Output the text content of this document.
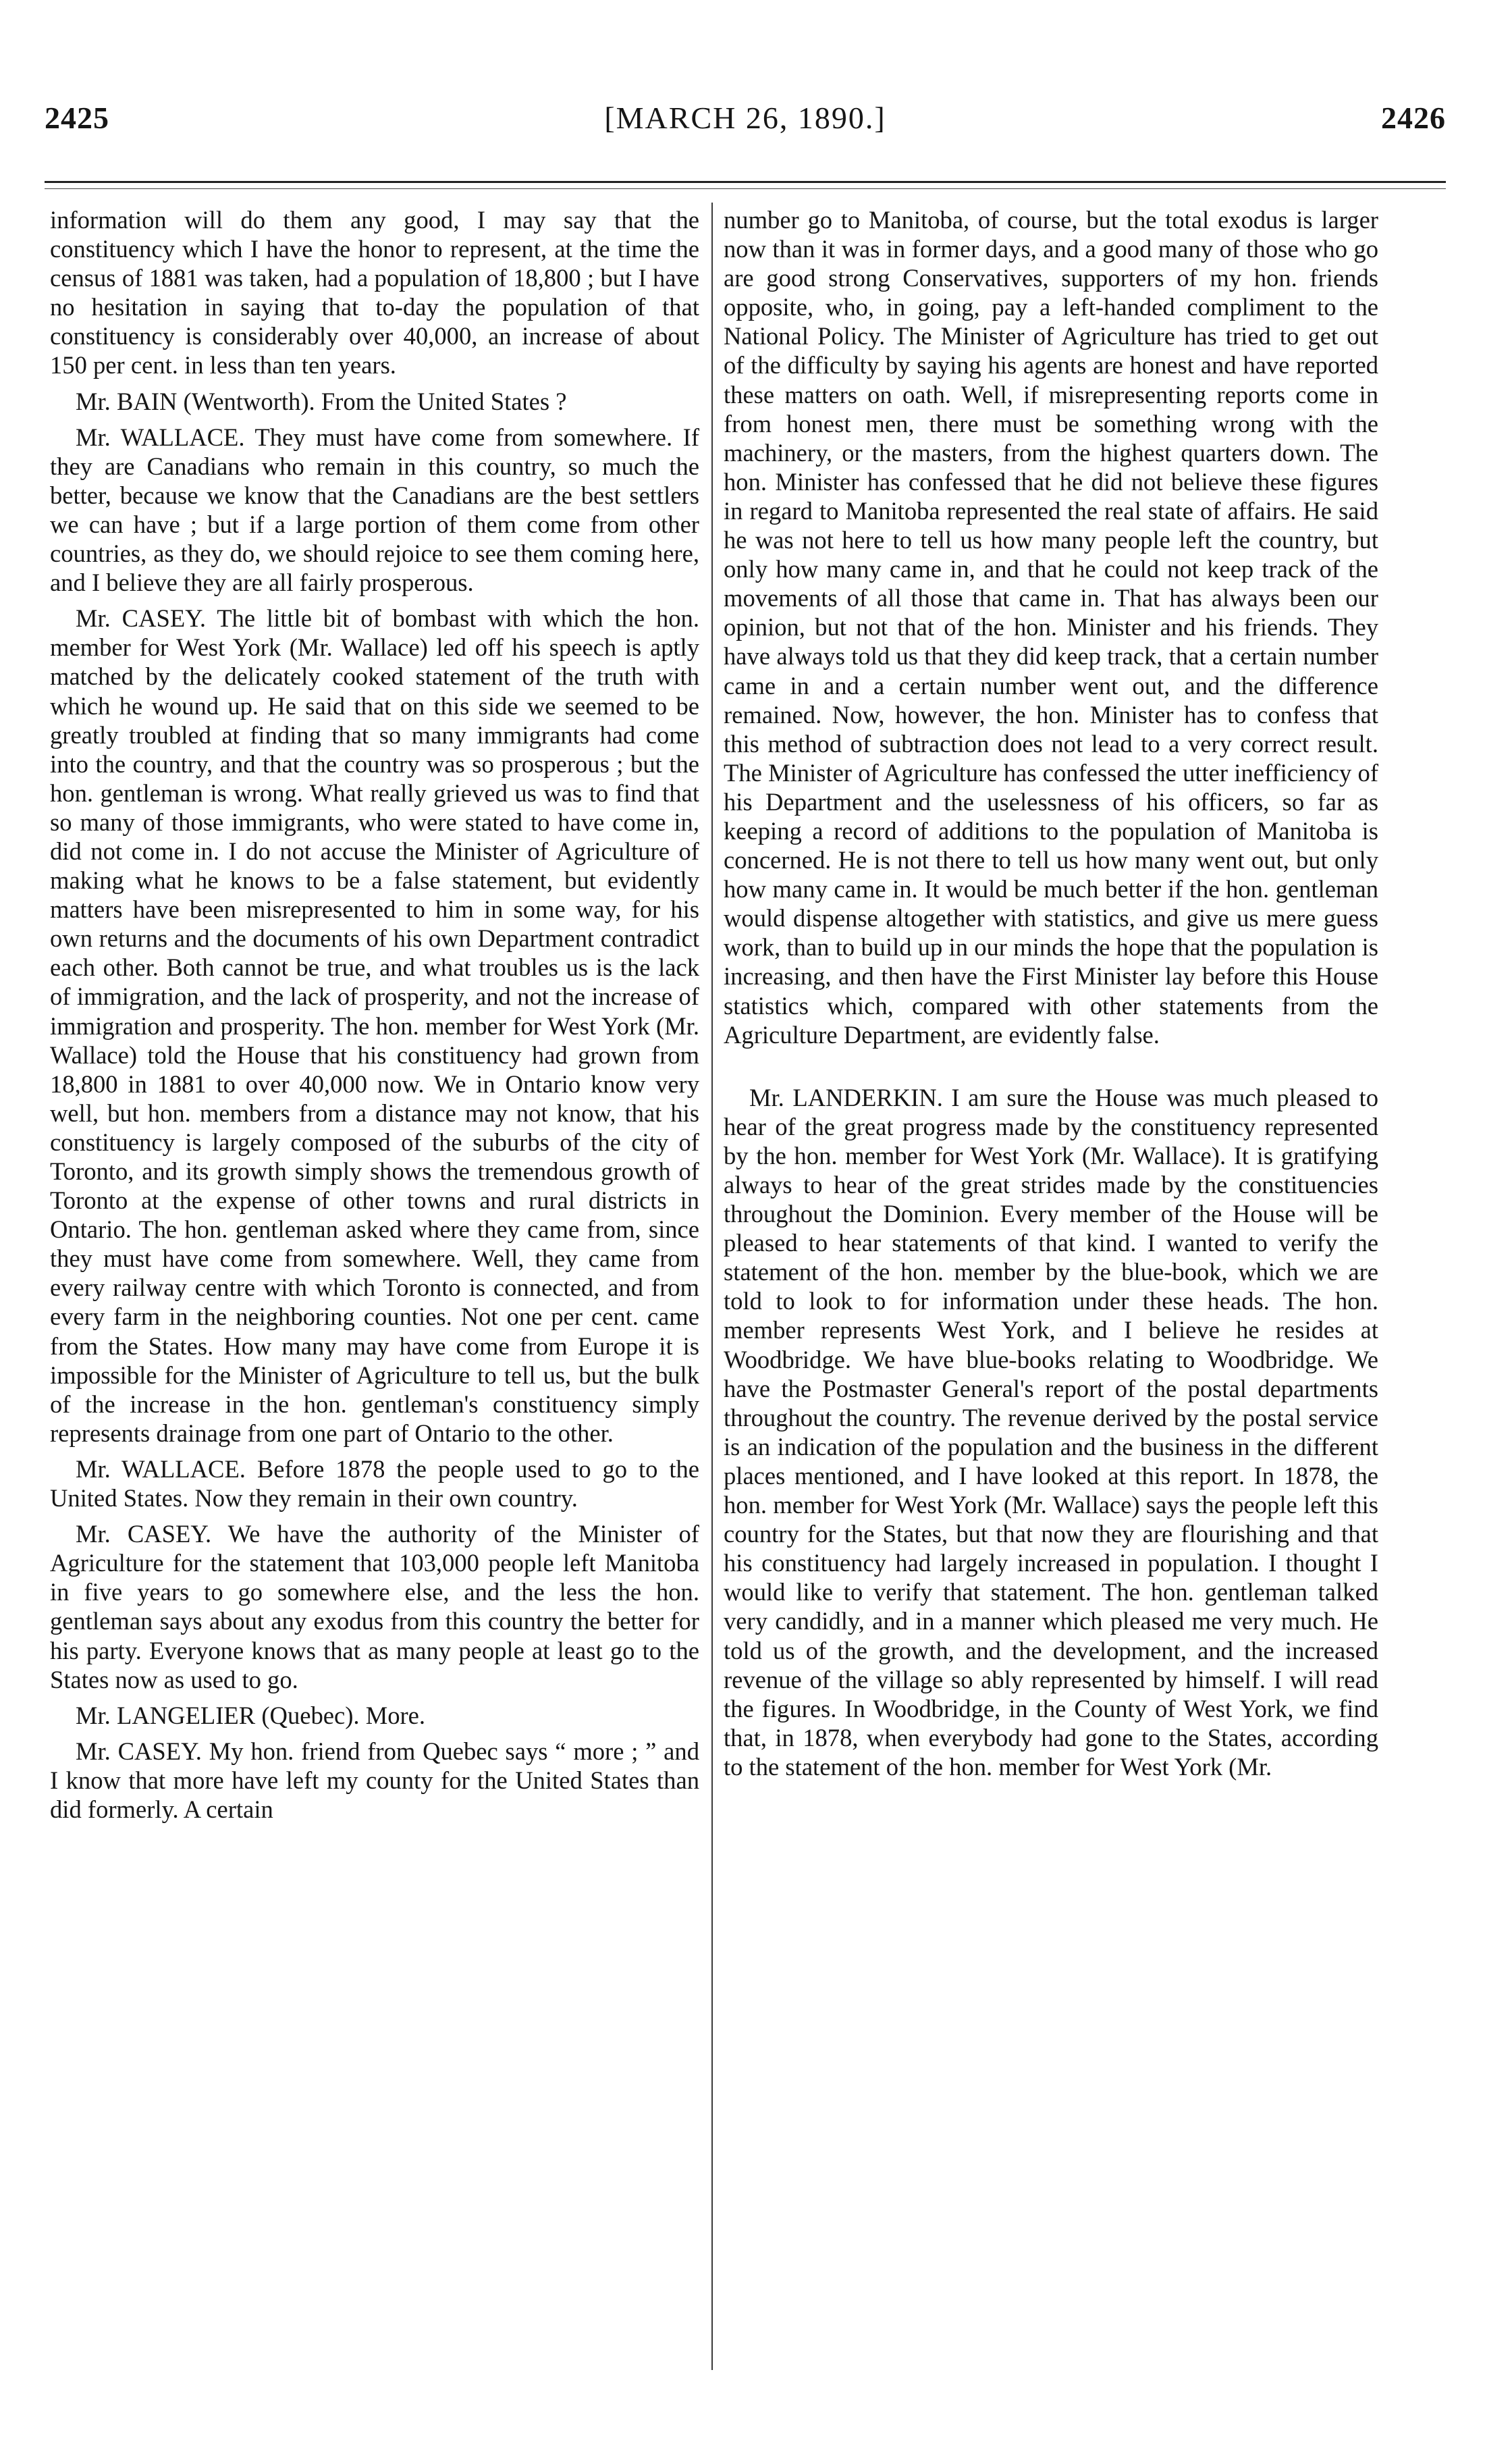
2425	[MARCH 26, 1890.]	2426

information will do them any good, I may say that the constituency which I have the honor to represent, at the time the census of 1881 was taken, had a population of 18,800 ; but I have no hesitation in saying that to-day the population of that constituency is considerably over 40,000, an increase of about 150 per cent. in less than ten years.

Mr. BAIN (Wentworth). From the United States ?

Mr. WALLACE. They must have come from somewhere. If they are Canadians who remain in this country, so much the better, because we know that the Canadians are the best settlers we can have ; but if a large portion of them come from other countries, as they do, we should rejoice to see them coming here, and I believe they are all fairly prosperous.

Mr. CASEY. The little bit of bombast with which the hon. member for West York (Mr. Wallace) led off his speech is aptly matched by the delicately cooked statement of the truth with which he wound up. He said that on this side we seemed to be greatly troubled at finding that so many immigrants had come into the country, and that the country was so prosperous ; but the hon. gentleman is wrong. What really grieved us was to find that so many of those immigrants, who were stated to have come in, did not come in. I do not accuse the Minister of Agriculture of making what he knows to be a false statement, but evidently matters have been misrepresented to him in some way, for his own returns and the documents of his own Department contradict each other. Both cannot be true, and what troubles us is the lack of immigration, and the lack of prosperity, and not the increase of immigration and prosperity. The hon. member for West York (Mr. Wallace) told the House that his constituency had grown from 18,800 in 1881 to over 40,000 now. We in Ontario know very well, but hon. members from a distance may not know, that his constituency is largely composed of the suburbs of the city of Toronto, and its growth simply shows the tremendous growth of Toronto at the expense of other towns and rural districts in Ontario. The hon. gentleman asked where they came from, since they must have come from somewhere. Well, they came from every railway centre with which Toronto is connected, and from every farm in the neighboring counties. Not one per cent. came from the States. How many may have come from Europe it is impossible for the Minister of Agriculture to tell us, but the bulk of the increase in the hon. gentleman's constituency simply represents drainage from one part of Ontario to the other.

Mr. WALLACE. Before 1878 the people used to go to the United States. Now they remain in their own country.

Mr. CASEY. We have the authority of the Minister of Agriculture for the statement that 103,000 people left Manitoba in five years to go somewhere else, and the less the hon. gentleman says about any exodus from this country the better for his party. Everyone knows that as many people at least go to the States now as used to go.

Mr. LANGELIER (Quebec). More.

Mr. CASEY. My hon. friend from Quebec says “ more ; ” and I know that more have left my county for the United States than did formerly. A certain

number go to Manitoba, of course, but the total exodus is larger now than it was in former days, and a good many of those who go are good strong Conservatives, supporters of my hon. friends opposite, who, in going, pay a left-handed compliment to the National Policy. The Minister of Agriculture has tried to get out of the difficulty by saying his agents are honest and have reported these matters on oath. Well, if misrepresenting reports come in from honest men, there must be something wrong with the machinery, or the masters, from the highest quarters down. The hon. Minister has confessed that he did not believe these figures in regard to Manitoba represented the real state of affairs. He said he was not here to tell us how many people left the country, but only how many came in, and that he could not keep track of the movements of all those that came in. That has always been our opinion, but not that of the hon. Minister and his friends. They have always told us that they did keep track, that a certain number came in and a certain number went out, and the difference remained. Now, however, the hon. Minister has to confess that this method of subtraction does not lead to a very correct result. The Minister of Agriculture has confessed the utter inefficiency of his Department and the uselessness of his officers, so far as keeping a record of additions to the population of Manitoba is concerned. He is not there to tell us how many went out, but only how many came in. It would be much better if the hon. gentleman would dispense altogether with statistics, and give us mere guess work, than to build up in our minds the hope that the population is increasing, and then have the First Minister lay before this House statistics which, compared with other statements from the Agriculture Department, are evidently false.

Mr. LANDERKIN. I am sure the House was much pleased to hear of the great progress made by the constituency represented by the hon. member for West York (Mr. Wallace). It is gratifying always to hear of the great strides made by the constituencies throughout the Dominion. Every member of the House will be pleased to hear statements of that kind. I wanted to verify the statement of the hon. member by the blue-book, which we are told to look to for information under these heads. The hon. member represents West York, and I believe he resides at Woodbridge. We have blue-books relating to Woodbridge. We have the Postmaster General's report of the postal departments throughout the country. The revenue derived by the postal service is an indication of the population and the business in the different places mentioned, and I have looked at this report. In 1878, the hon. member for West York (Mr. Wallace) says the people left this country for the States, but that now they are flourishing and that his constituency had largely increased in population. I thought I would like to verify that statement. The hon. gentleman talked very candidly, and in a manner which pleased me very much. He told us of the growth, and the development, and the increased revenue of the village so ably represented by himself. I will read the figures. In Woodbridge, in the County of West York, we find that, in 1878, when everybody had gone to the States, according to the statement of the hon. member for West York (Mr.
